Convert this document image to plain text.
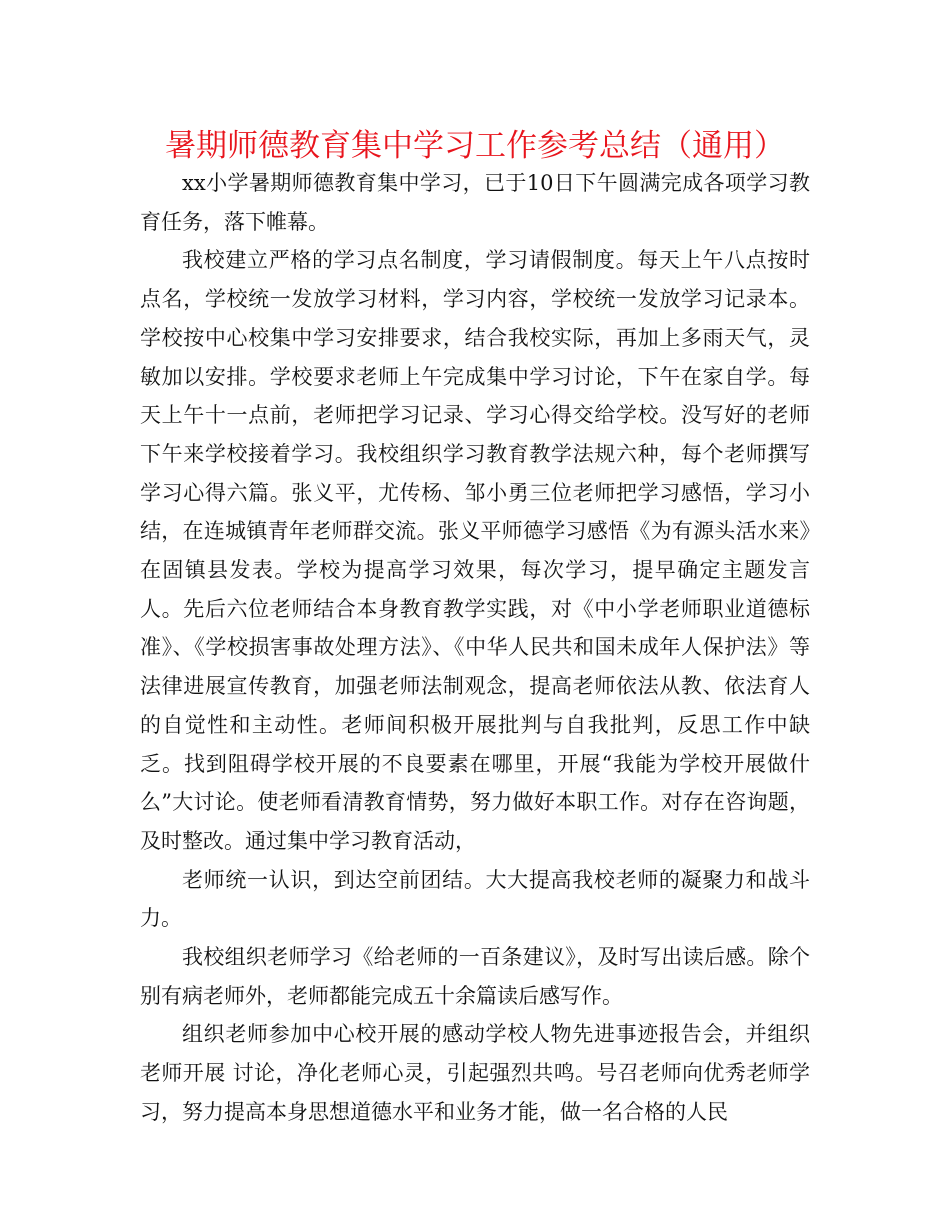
暑期师德教育集中学习工作参考总结（通用）

xx小学暑期师德教育集中学习，已于10日下午圆满完成各项学习教育任务，落下帷幕。

我校建立严格的学习点名制度，学习请假制度。每天上午八点按时点名，学校统一发放学习材料，学习内容，学校统一发放学习记录本。学校按中心校集中学习安排要求，结合我校实际，再加上多雨天气，灵敏加以安排。学校要求老师上午完成集中学习讨论，下午在家自学。每天上午十一点前，老师把学习记录、学习心得交给学校。没写好的老师下午来学校接着学习。我校组织学习教育教学法规六种，每个老师撰写学习心得六篇。张义平，尤传杨、邹小勇三位老师把学习感悟，学习小结，在连城镇青年老师群交流。张义平师德学习感悟《为有源头活水来》在固镇县发表。学校为提高学习效果，每次学习，提早确定主题发言人。先后六位老师结合本身教育教学实践，对《中小学老师职业道德标准》、《学校损害事故处理方法》、《中华人民共和国未成年人保护法》等法律进展宣传教育，加强老师法制观念，提高老师依法从教、依法育人的自觉性和主动性。老师间积极开展批判与自我批判，反思工作中缺乏。找到阻碍学校开展的不良要素在哪里，开展“我能为学校开展做什么”大讨论。使老师看清教育情势，努力做好本职工作。对存在咨询题，及时整改。通过集中学习教育活动，

老师统一认识，到达空前团结。大大提高我校老师的凝聚力和战斗力。

我校组织老师学习《给老师的一百条建议》，及时写出读后感。除个别有病老师外，老师都能完成五十余篇读后感写作。

组织老师参加中心校开展的感动学校人物先进事迹报告会，并组织老师开展 讨论，净化老师心灵，引起强烈共鸣。号召老师向优秀老师学习，努力提高本身思想道德水平和业务才能，做一名合格的人民
